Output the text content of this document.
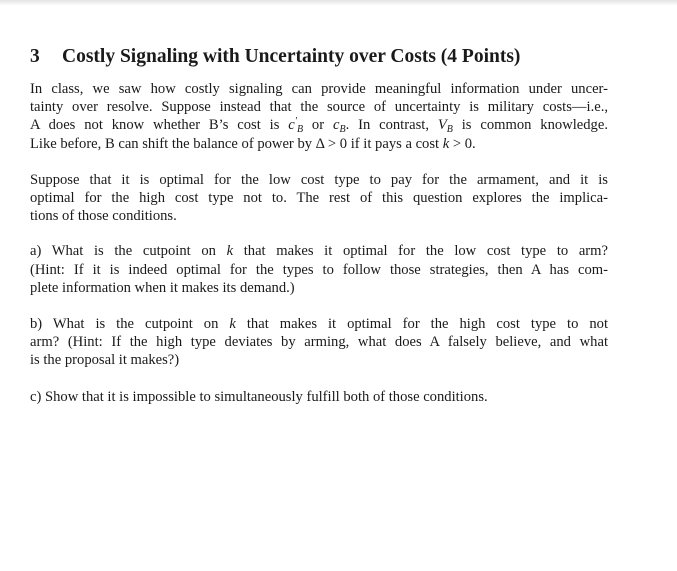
3 Costly Signaling with Uncertainty over Costs (4 Points)
In class, we saw how costly signaling can provide meaningful information under uncer-
tainty over resolve. Suppose instead that the source of uncertainty is military costs—i.e.,
A does not know whether B’s cost is $c'_B$ or $c_B$. In contrast, $V_B$ is common knowledge.
Like before, B can shift the balance of power by Δ > 0 if it pays a cost k > 0.
Suppose that it is optimal for the low cost type to pay for the armament, and it is
optimal for the high cost type not to. The rest of this question explores the implica-
tions of those conditions.
a) What is the cutpoint on k that makes it optimal for the low cost type to arm?
(Hint: If it is indeed optimal for the types to follow those strategies, then A has com-
plete information when it makes its demand.)
b) What is the cutpoint on k that makes it optimal for the high cost type to not
arm? (Hint: If the high type deviates by arming, what does A falsely believe, and what
is the proposal it makes?)
c) Show that it is impossible to simultaneously fulfill both of those conditions.
